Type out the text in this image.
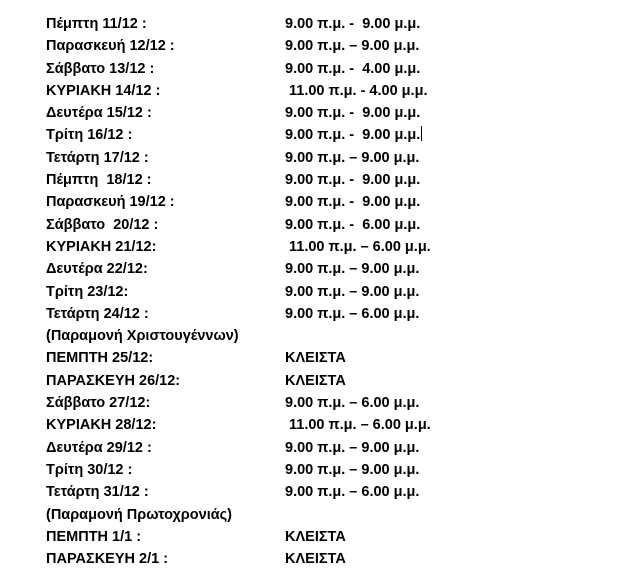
Πέμπτη 11/12 :	9.00 π.μ. -  9.00 μ.μ.
Παρασκευή 12/12 :	9.00 π.μ. – 9.00 μ.μ.
Σάββατο 13/12 :	9.00 π.μ. -  4.00 μ.μ.
ΚΥΡΙΑΚΗ 14/12 :	11.00 π.μ. - 4.00 μ.μ.
Δευτέρα 15/12 :	9.00 π.μ. -  9.00 μ.μ.
Τρίτη 16/12 :	9.00 π.μ. -  9.00 μ.μ.
Τετάρτη 17/12 :	9.00 π.μ. – 9.00 μ.μ.
Πέμπτη  18/12 :	9.00 π.μ. -  9.00 μ.μ.
Παρασκευή 19/12 :	9.00 π.μ. -  9.00 μ.μ.
Σάββατο  20/12 :	9.00 π.μ. -  6.00 μ.μ.
ΚΥΡΙΑΚΗ 21/12:	11.00 π.μ. – 6.00 μ.μ.
Δευτέρα 22/12:	9.00 π.μ. – 9.00 μ.μ.
Τρίτη 23/12:	9.00 π.μ. – 9.00 μ.μ.
Τετάρτη 24/12 :	9.00 π.μ. – 6.00 μ.μ.
(Παραμονή Χριστουγέννων)
ΠΕΜΠΤΗ 25/12:	ΚΛΕΙΣΤΑ
ΠΑΡΑΣΚΕΥΗ 26/12:	ΚΛΕΙΣΤΑ
Σάββατο 27/12:	9.00 π.μ. – 6.00 μ.μ.
ΚΥΡΙΑΚΗ 28/12:	11.00 π.μ. – 6.00 μ.μ.
Δευτέρα 29/12 :	9.00 π.μ. – 9.00 μ.μ.
Τρίτη 30/12 :	9.00 π.μ. – 9.00 μ.μ.
Τετάρτη 31/12 :	9.00 π.μ. – 6.00 μ.μ.
(Παραμονή Πρωτοχρονιάς)
ΠΕΜΠΤΗ 1/1 :	ΚΛΕΙΣΤΑ
ΠΑΡΑΣΚΕΥΗ 2/1 :	ΚΛΕΙΣΤΑ
